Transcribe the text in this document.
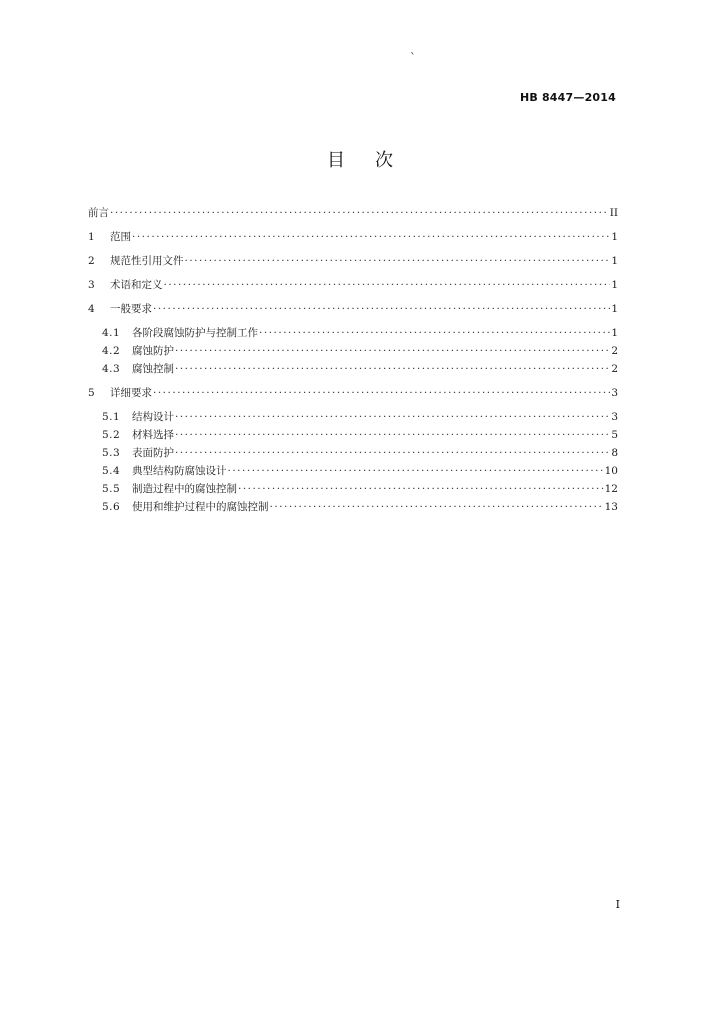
`
HB 8447—2014
目 次
前言 ·····	II
1	范围 ·····	1
2	规范性引用文件 ·····	1
3	术语和定义 ·····	1
4	一般要求 ·····	1
4.1	各阶段腐蚀防护与控制工作 ·····	1
4.2	腐蚀防护 ·····	2
4.3	腐蚀控制 ·····	2
5	详细要求 ·····	3
5.1	结构设计 ·····	3
5.2	材料选择 ·····	5
5.3	表面防护 ·····	8
5.4	典型结构防腐蚀设计 ·····	10
5.5	制造过程中的腐蚀控制 ·····	12
5.6	使用和维护过程中的腐蚀控制 ·····	13
I
